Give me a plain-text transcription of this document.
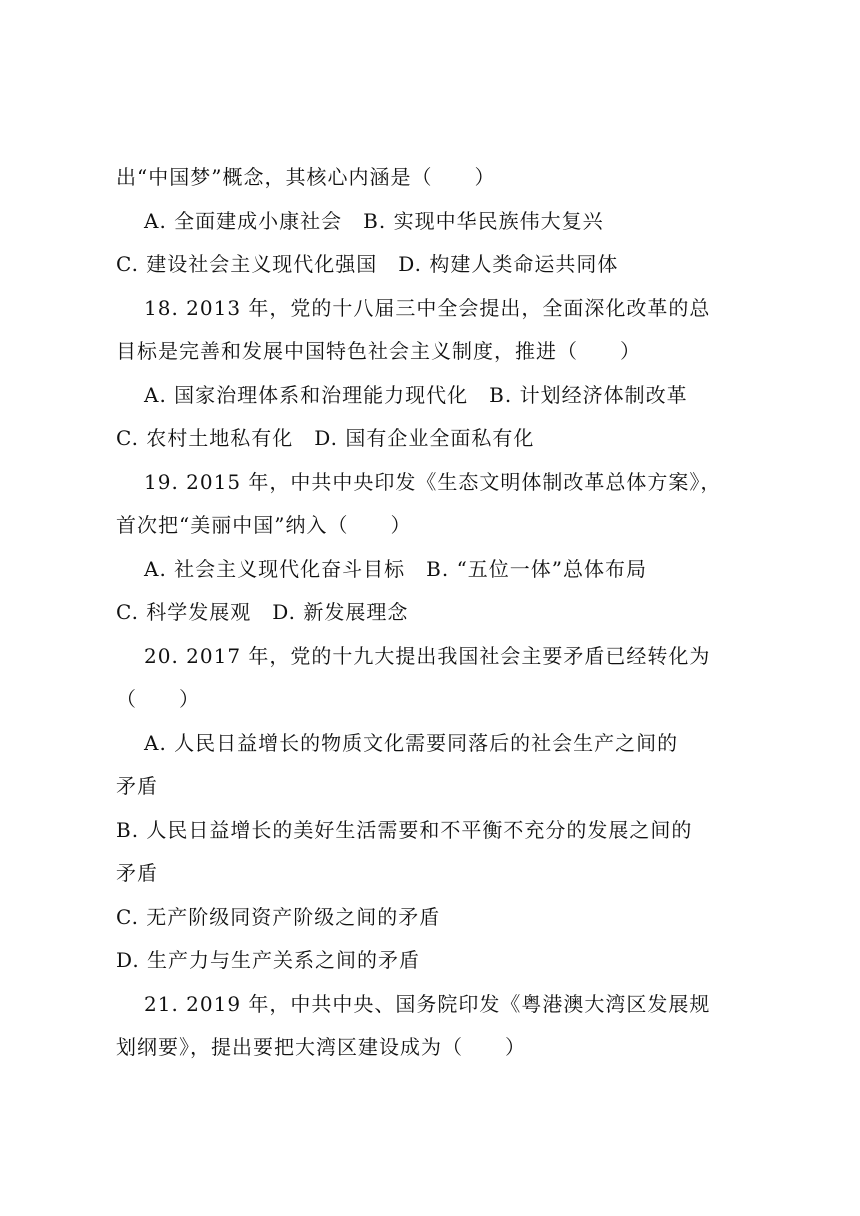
出“中国梦”概念，其核心内涵是（　　）
A. 全面建成小康社会　B. 实现中华民族伟大复兴
C. 建设社会主义现代化强国　D. 构建人类命运共同体
18. 2013 年，党的十八届三中全会提出，全面深化改革的总
目标是完善和发展中国特色社会主义制度，推进（　　）
A. 国家治理体系和治理能力现代化　B. 计划经济体制改革
C. 农村土地私有化　D. 国有企业全面私有化
19. 2015 年，中共中央印发《生态文明体制改革总体方案》，
首次把“美丽中国”纳入（　　）
A. 社会主义现代化奋斗目标　B. “五位一体”总体布局
C. 科学发展观　D. 新发展理念
20. 2017 年，党的十九大提出我国社会主要矛盾已经转化为
（　　）
A. 人民日益增长的物质文化需要同落后的社会生产之间的
矛盾
B. 人民日益增长的美好生活需要和不平衡不充分的发展之间的
矛盾
C. 无产阶级同资产阶级之间的矛盾
D. 生产力与生产关系之间的矛盾
21. 2019 年，中共中央、国务院印发《粤港澳大湾区发展规
划纲要》，提出要把大湾区建设成为（　　）
